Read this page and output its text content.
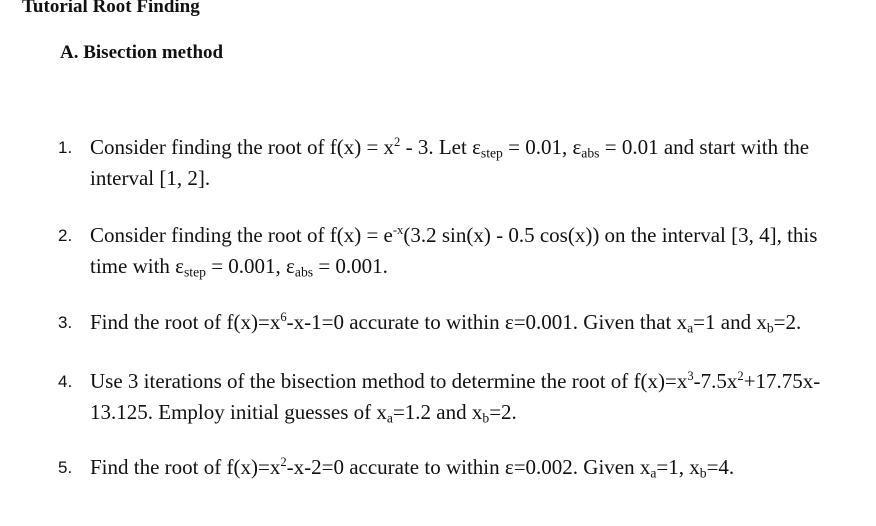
Tutorial Root Finding
A. Bisection method
1. Consider finding the root of $f(x) = x^2 - 3$. Let $\varepsilon_{step} = 0.01$, $\varepsilon_{abs} = 0.01$ and start with the interval [1, 2].
2. Consider finding the root of $f(x) = e^{-x}(3.2$ sin(x) - 0.5 cos(x)) on the interval [3, 4], this time with $\varepsilon_{step} = 0.001$, $\varepsilon_{abs} = 0.001$.
3. Find the root of $f(x)=x^6-x-1=0$ accurate to within ε=0.001. Given that $x_a=1$ and $x_b=2$.
4. Use 3 iterations of the bisection method to determine the root of $f(x)=x^3-7.5x^2+17.75x-13.125$. Employ initial guesses of $x_a=1.2$ and $x_b=2$.
5. Find the root of $f(x)=x^2-x-2=0$ accurate to within ε=0.002. Given $x_a=1$, $x_b=4$.
